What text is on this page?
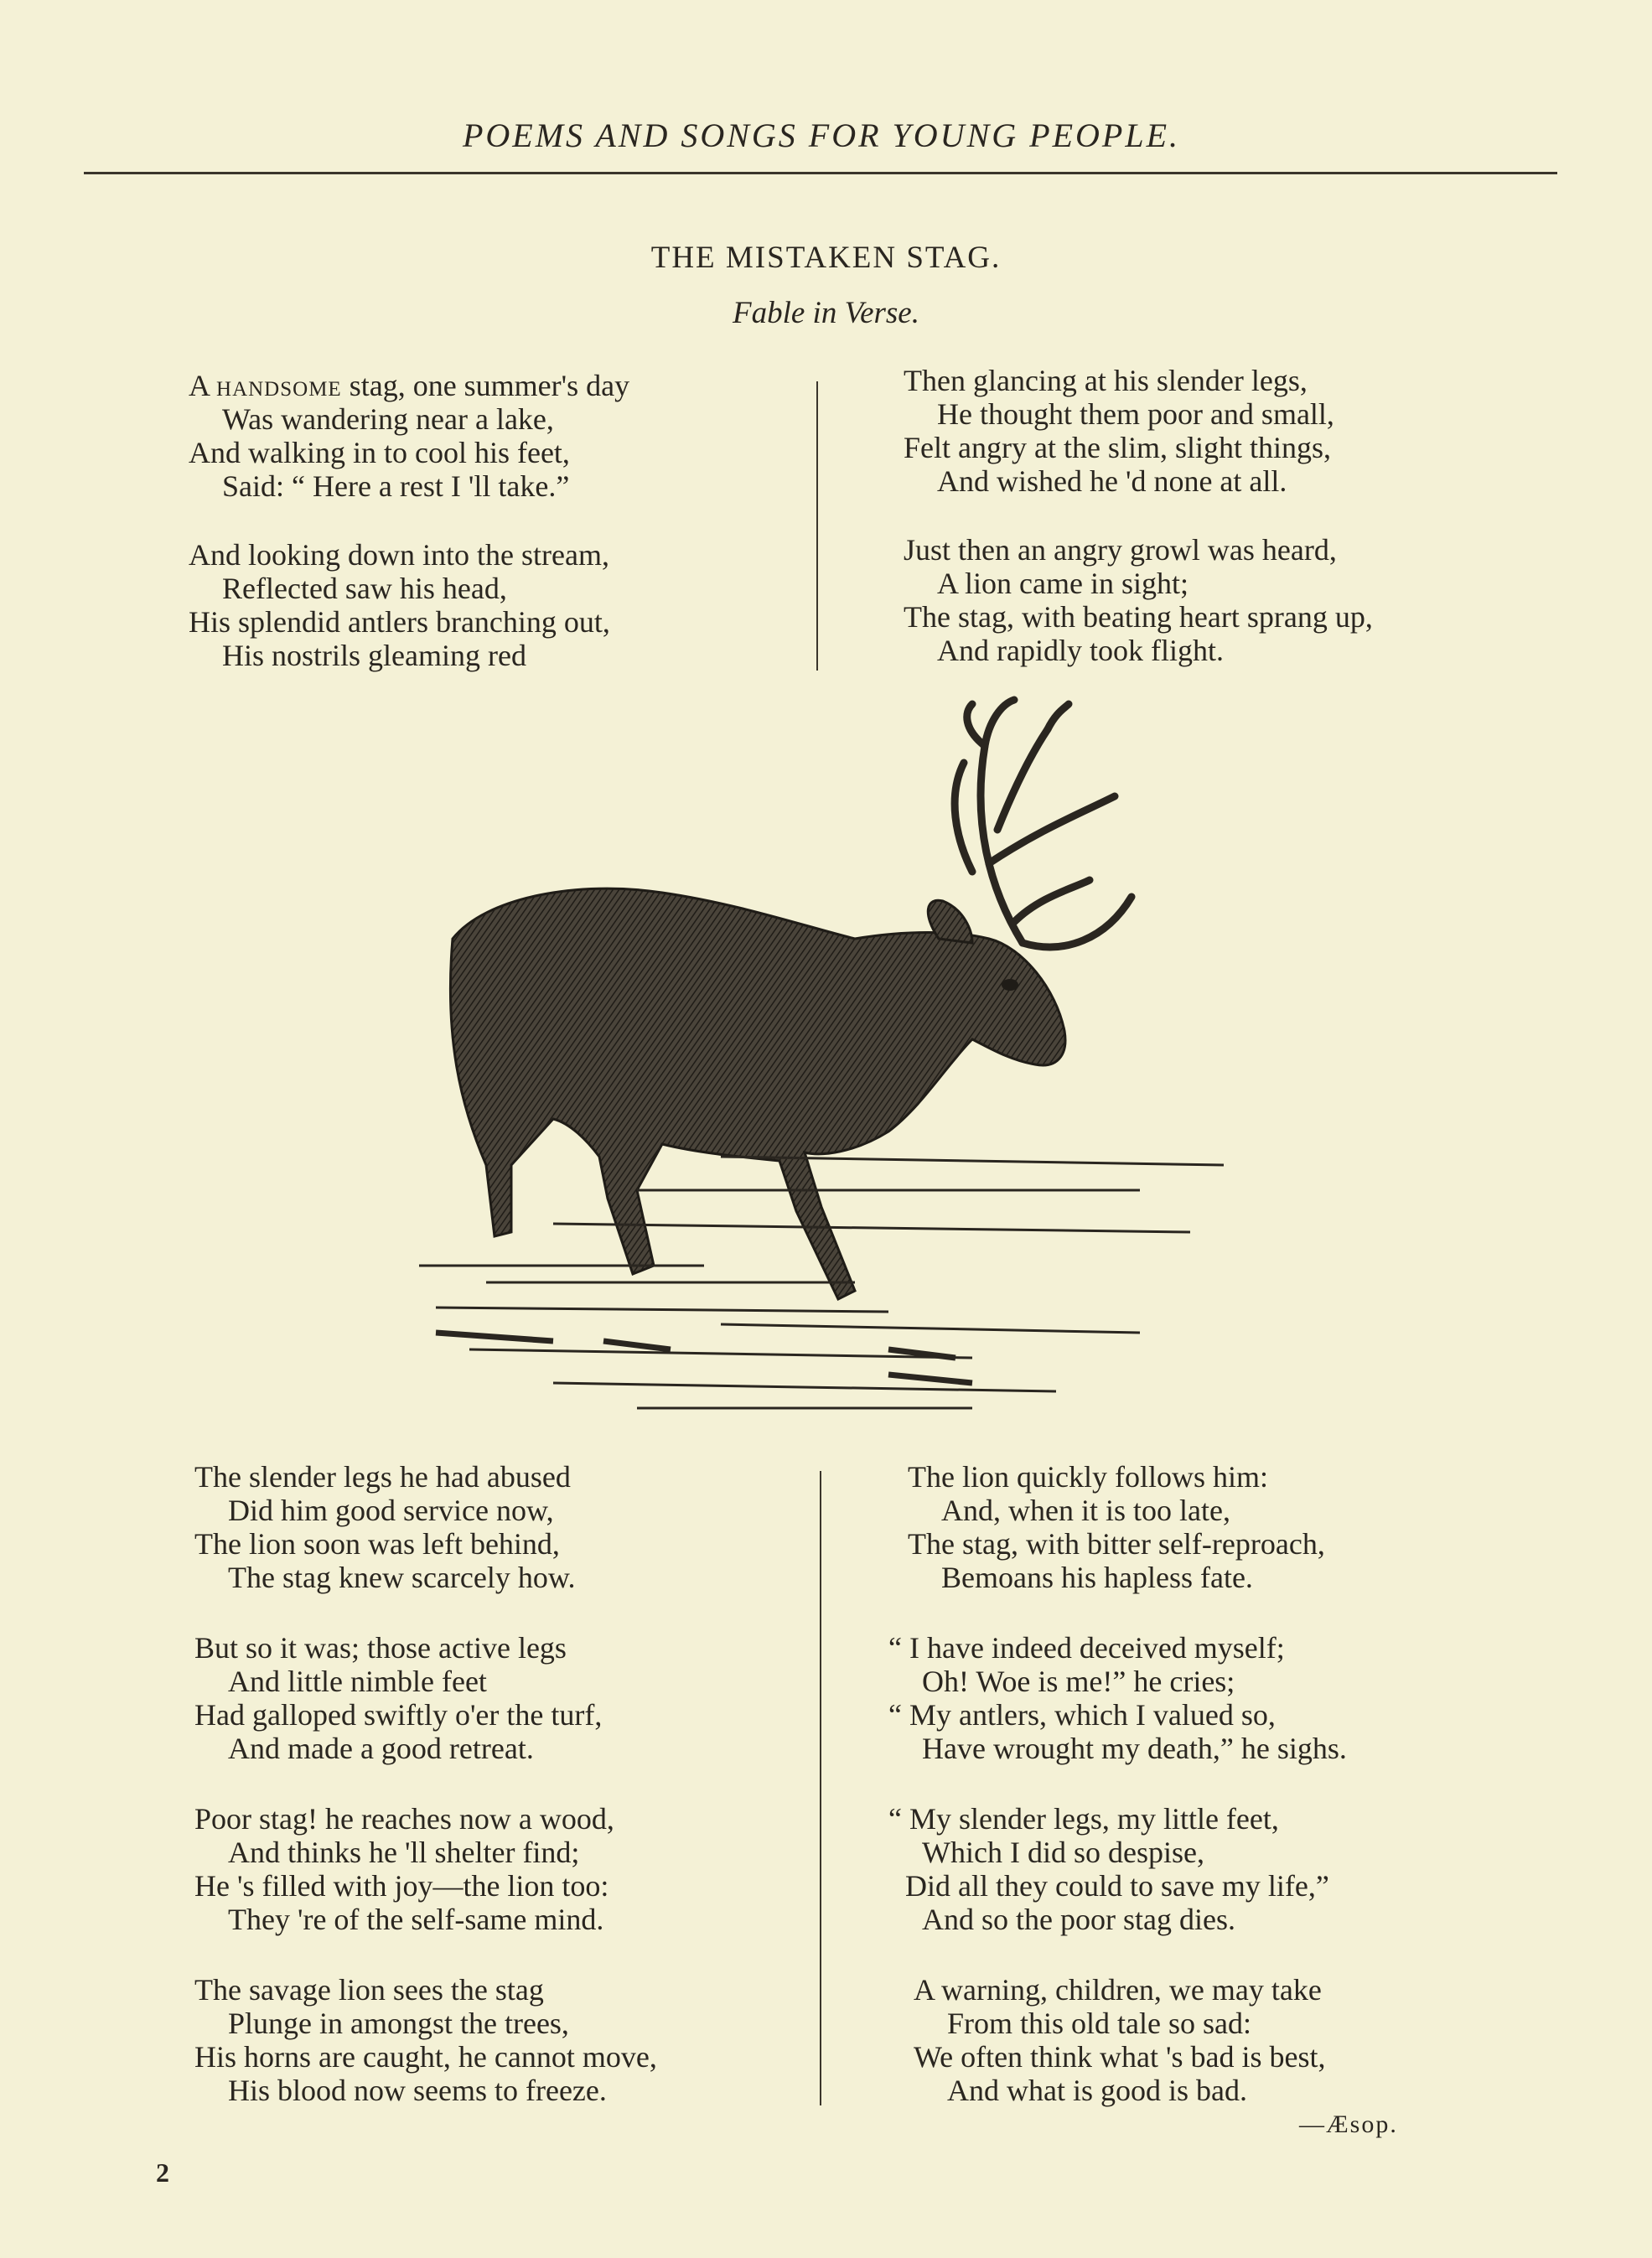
POEMS AND SONGS FOR YOUNG PEOPLE.
THE MISTAKEN STAG.
Fable in Verse.
A handsome stag, one summer's day
Was wandering near a lake,
And walking in to cool his feet,
Said: “ Here a rest I 'll take.”
And looking down into the stream,
Reflected saw his head,
His splendid antlers branching out,
His nostrils gleaming red
Then glancing at his slender legs,
He thought them poor and small,
Felt angry at the slim, slight things,
And wished he 'd none at all.
Just then an angry growl was heard,
A lion came in sight;
The stag, with beating heart sprang up,
And rapidly took flight.
The slender legs he had abused
Did him good service now,
The lion soon was left behind,
The stag knew scarcely how.
But so it was; those active legs
And little nimble feet
Had galloped swiftly o'er the turf,
And made a good retreat.
Poor stag! he reaches now a wood,
And thinks he 'll shelter find;
He 's filled with joy—the lion too:
They 're of the self-same mind.
The savage lion sees the stag
Plunge in amongst the trees,
His horns are caught, he cannot move,
His blood now seems to freeze.
The lion quickly follows him:
And, when it is too late,
The stag, with bitter self-reproach,
Bemoans his hapless fate.
“ I have indeed deceived myself;
Oh! Woe is me!” he cries;
“ My antlers, which I valued so,
Have wrought my death,” he sighs.
“ My slender legs, my little feet,
Which I did so despise,
Did all they could to save my life,”
And so the poor stag dies.
A warning, children, we may take
From this old tale so sad:
We often think what 's bad is best,
And what is good is bad.
—Æsop.
2
